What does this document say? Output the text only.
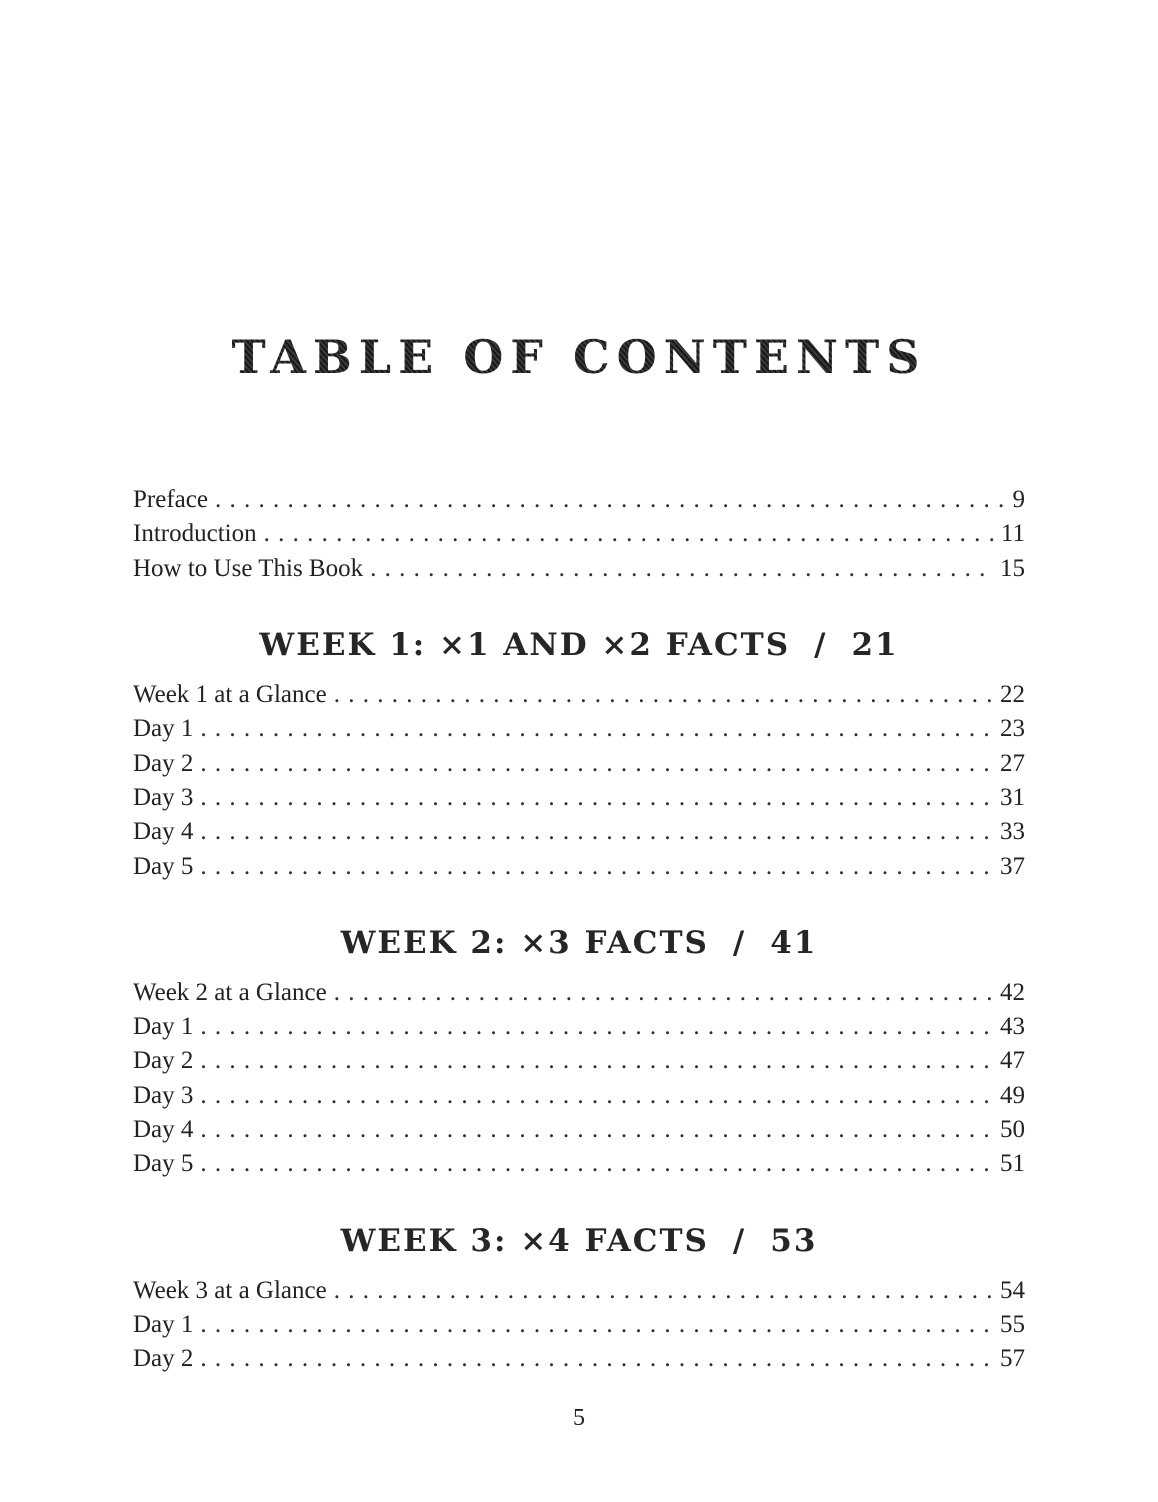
TABLE OF CONTENTS
Preface . . .	9
Introduction . . .	11
How to Use This Book . . .	15
WEEK 1: ×1 AND ×2 FACTS / 21
Week 1 at a Glance . . .	22
Day 1 . . .	23
Day 2 . . .	27
Day 3 . . .	31
Day 4 . . .	33
Day 5 . . .	37
WEEK 2: ×3 FACTS / 41
Week 2 at a Glance . . .	42
Day 1 . . .	43
Day 2 . . .	47
Day 3 . . .	49
Day 4 . . .	50
Day 5 . . .	51
WEEK 3: ×4 FACTS / 53
Week 3 at a Glance . . .	54
Day 1 . . .	55
Day 2 . . .	57
5
